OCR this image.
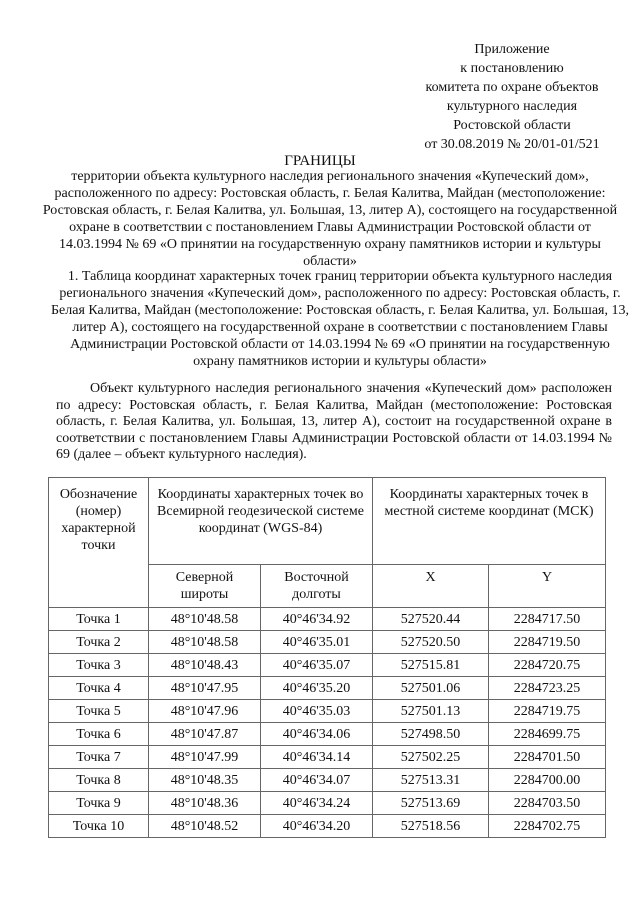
Приложение
к постановлению
комитета по охране объектов
культурного наследия
Ростовской области
от 30.08.2019 № 20/01-01/521
ГРАНИЦЫ
территории объекта культурного наследия регионального значения «Купеческий дом», расположенного по адресу: Ростовская область, г. Белая Калитва, Майдан (местоположение: Ростовская область, г. Белая Калитва, ул. Большая, 13, литер А), состоящего на государственной охране в соответствии с постановлением Главы Администрации Ростовской области от 14.03.1994 № 69 «О принятии на государственную охрану памятников истории и культуры области»
1. Таблица координат характерных точек границ территории объекта культурного наследия регионального значения «Купеческий дом», расположенного по адресу: Ростовская область, г. Белая Калитва, Майдан (местоположение: Ростовская область, г. Белая Калитва, ул. Большая, 13, литер А), состоящего на государственной охране в соответствии с постановлением Главы Администрации Ростовской области от 14.03.1994 № 69 «О принятии на государственную охрану памятников истории и культуры области»
Объект культурного наследия регионального значения «Купеческий дом» расположен по адресу: Ростовская область, г. Белая Калитва, Майдан (местоположение: Ростовская область, г. Белая Калитва, ул. Большая, 13, литер А), состоит на государственной охране в соответствии с постановлением Главы Администрации Ростовской области от 14.03.1994 № 69 (далее – объект культурного наследия).
Обозначение (номер) характерной точки	Координаты характерных точек во Всемирной геодезической системе координат (WGS-84)		Координаты характерных точек в местной системе координат (МСК)	
	Северной широты	Восточной долготы	X	Y
Точка 1	48°10'48.58	40°46'34.92	527520.44	2284717.50
Точка 2	48°10'48.58	40°46'35.01	527520.50	2284719.50
Точка 3	48°10'48.43	40°46'35.07	527515.81	2284720.75
Точка 4	48°10'47.95	40°46'35.20	527501.06	2284723.25
Точка 5	48°10'47.96	40°46'35.03	527501.13	2284719.75
Точка 6	48°10'47.87	40°46'34.06	527498.50	2284699.75
Точка 7	48°10'47.99	40°46'34.14	527502.25	2284701.50
Точка 8	48°10'48.35	40°46'34.07	527513.31	2284700.00
Точка 9	48°10'48.36	40°46'34.24	527513.69	2284703.50
Точка 10	48°10'48.52	40°46'34.20	527518.56	2284702.75
